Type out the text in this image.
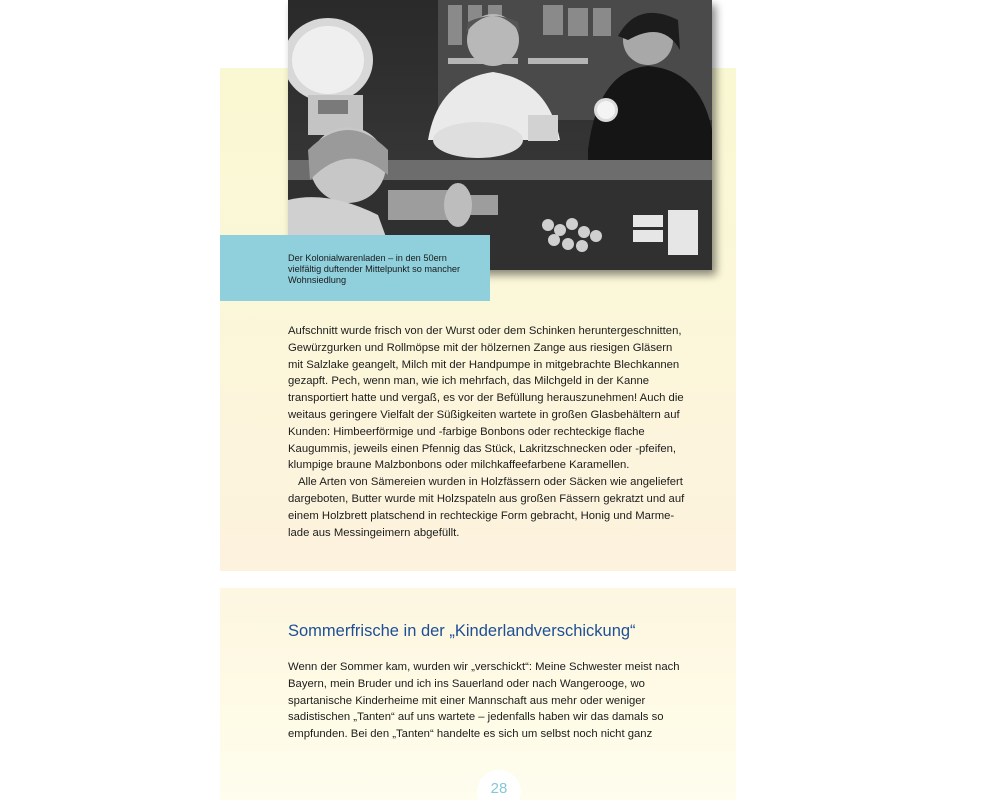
Der Kolonialwarenladen – in den 50ern
vielfältig duftender Mittelpunkt so mancher
Wohnsiedlung
Aufschnitt wurde frisch von der Wurst oder dem Schinken heruntergeschnitten,
Gewürzgurken und Rollmöpse mit der hölzernen Zange aus riesigen Gläsern
mit Salzlake geangelt, Milch mit der Handpumpe in mitgebrachte Blechkannen
gezapft. Pech, wenn man, wie ich mehrfach, das Milchgeld in der Kanne
transportiert hatte und vergaß, es vor der Befüllung herauszunehmen! Auch die
weitaus geringere Vielfalt der Süßigkeiten wartete in großen Glasbehältern auf
Kunden: Himbeerförmige und -farbige Bonbons oder rechteckige flache
Kaugummis, jeweils einen Pfennig das Stück, Lakritzschnecken oder -pfeifen,
klumpige braune Malzbonbons oder milchkaffeefarbene Karamellen.
Alle Arten von Sämereien wurden in Holzfässern oder Säcken wie angeliefert
dargeboten, Butter wurde mit Holzspateln aus großen Fässern gekratzt und auf
einem Holzbrett platschend in rechteckige Form gebracht, Honig und Marme-
lade aus Messingeimern abgefüllt.
Sommerfrische in der „Kinderlandverschickung“
Wenn der Sommer kam, wurden wir „verschickt“: Meine Schwester meist nach
Bayern, mein Bruder und ich ins Sauerland oder nach Wangerooge, wo
spartanische Kinderheime mit einer Mannschaft aus mehr oder weniger
sadistischen „Tanten“ auf uns wartete – jedenfalls haben wir das damals so
empfunden. Bei den „Tanten“ handelte es sich um selbst noch nicht ganz
28
